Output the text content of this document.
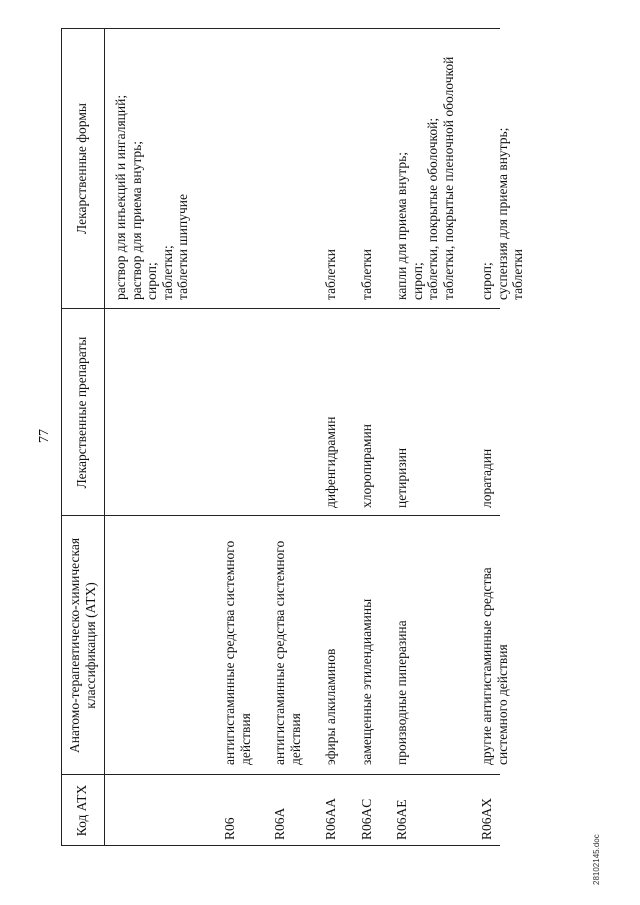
77
Код АТХ
Анатомо-терапевтическо-химическая классификация (АТХ)
Лекарственные препараты
Лекарственные формы раствор для инъекций и ингаляций; раствор для приема внутрь; сироп; таблетки; таблетки шипучие
R06
антигистаминные средства системного действия
R06A
антигистаминные средства системного действия
R06AA
эфиры алкиламинов
дифенгидрамин
таблетки
R06AC
замещенные этилендиамины
хлоропирамин
таблетки
R06AE
производные пиперазина
цетиризин
капли для приема внутрь; сироп; таблетки, покрытые оболочкой; таблетки, покрытые пленочной оболочкой
R06AX
другие антигистаминные средства системного действия
лоратадин
сироп; суспензия для приема внутрь; таблетки
28102145.doc
